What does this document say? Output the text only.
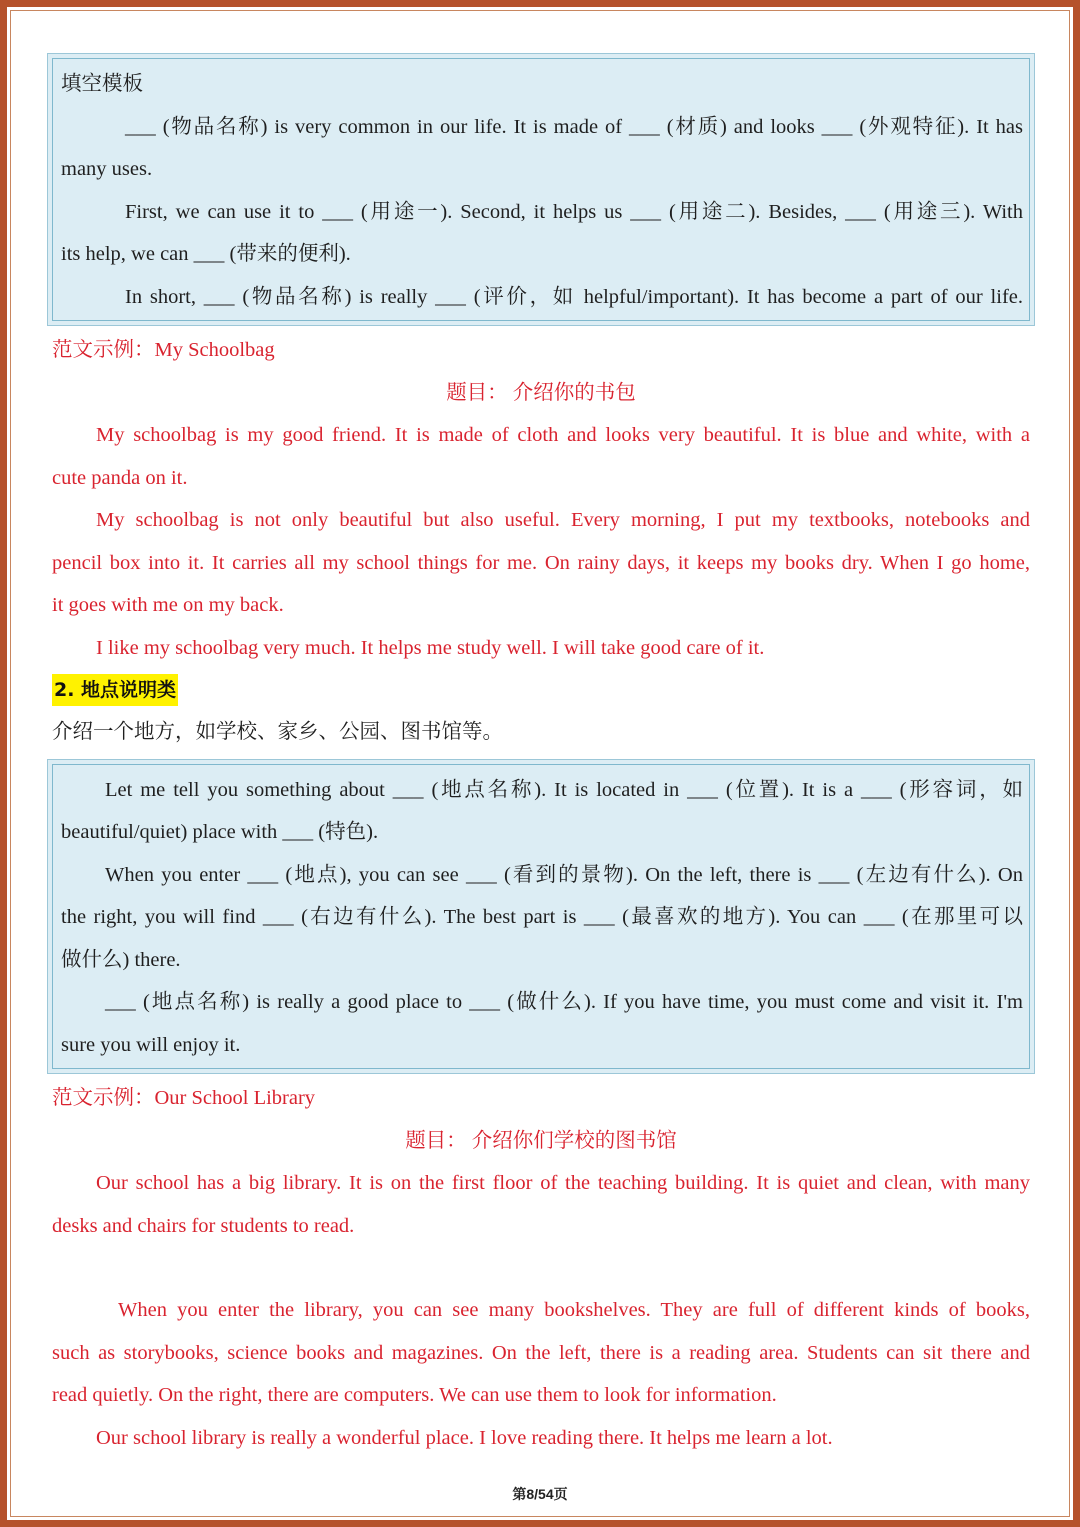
填空模板
___ (物品名称) is very common in our life. It is made of ___ (材质) and looks ___ (外观特征). It has
many uses.
First, we can use it to ___ (用途一). Second, it helps us ___ (用途二). Besides, ___ (用途三). With
its help, we can ___ (带来的便利).
In short, ___ (物品名称) is really ___ (评价，如 helpful/important). It has become a part of our life.
范文示例：My Schoolbag
题目： 介绍你的书包
My schoolbag is my good friend. It is made of cloth and looks very beautiful. It is blue and white, with a
cute panda on it.
My schoolbag is not only beautiful but also useful. Every morning, I put my textbooks, notebooks and
pencil box into it. It carries all my school things for me. On rainy days, it keeps my books dry. When I go home,
it goes with me on my back.
I like my schoolbag very much. It helps me study well. I will take good care of it.
2. 地点说明类
介绍一个地方，如学校、家乡、公园、图书馆等。
Let me tell you something about ___ (地点名称). It is located in ___ (位置). It is a ___ (形容词，如
beautiful/quiet) place with ___ (特色).
When you enter ___ (地点), you can see ___ (看到的景物). On the left, there is ___ (左边有什么). On
the right, you will find ___ (右边有什么). The best part is ___ (最喜欢的地方). You can ___ (在那里可以
做什么) there.
___ (地点名称) is really a good place to ___ (做什么). If you have time, you must come and visit it. I'm
sure you will enjoy it.
范文示例：Our School Library
题目： 介绍你们学校的图书馆
Our school has a big library. It is on the first floor of the teaching building. It is quiet and clean, with many
desks and chairs for students to read.
When you enter the library, you can see many bookshelves. They are full of different kinds of books,
such as storybooks, science books and magazines. On the left, there is a reading area. Students can sit there and
read quietly. On the right, there are computers. We can use them to look for information.
Our school library is really a wonderful place. I love reading there. It helps me learn a lot.
第8/54页
